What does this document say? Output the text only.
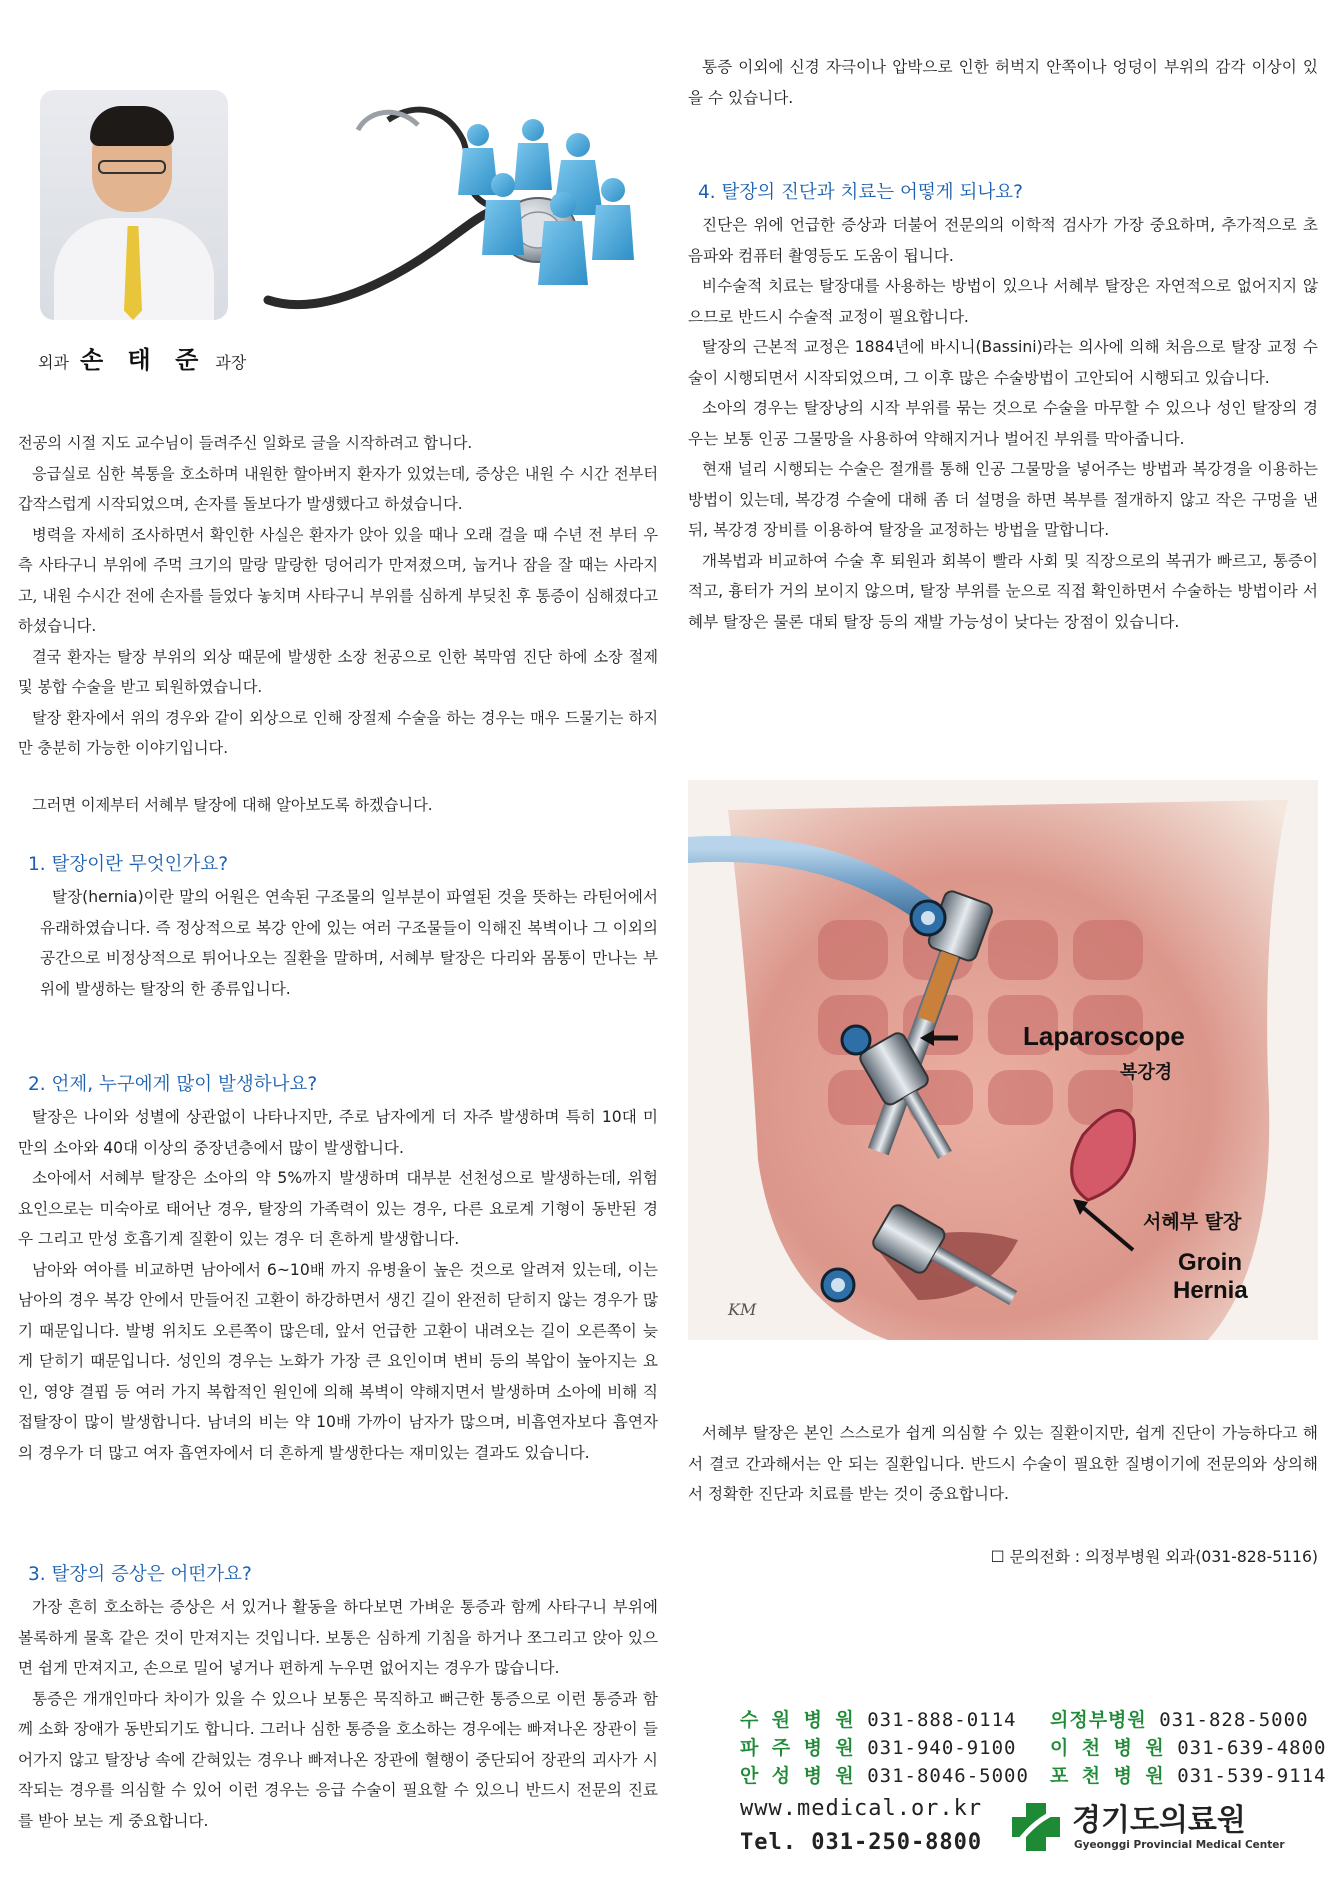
외과 손 태 준 과장

전공의 시절 지도 교수님이 들려주신 일화로 글을 시작하려고 합니다.

응급실로 심한 복통을 호소하며 내원한 할아버지 환자가 있었는데, 증상은 내원 수 시간 전부터 갑작스럽게 시작되었으며, 손자를 돌보다가 발생했다고 하셨습니다.

병력을 자세히 조사하면서 확인한 사실은 환자가 앉아 있을 때나 오래 걸을 때 수년 전 부터 우측 사타구니 부위에 주먹 크기의 말랑 말랑한 덩어리가 만져졌으며, 눕거나 잠을 잘 때는 사라지고, 내원 수시간 전에 손자를 들었다 놓치며 사타구니 부위를 심하게 부딪친 후 통증이 심해졌다고 하셨습니다.

결국 환자는 탈장 부위의 외상 때문에 발생한 소장 천공으로 인한 복막염 진단 하에 소장 절제 및 봉합 수술을 받고 퇴원하였습니다.

탈장 환자에서 위의 경우와 같이 외상으로 인해 장절제 수술을 하는 경우는 매우 드물기는 하지만 충분히 가능한 이야기입니다.

그러면 이제부터 서혜부 탈장에 대해 알아보도록 하겠습니다.

1. 탈장이란 무엇인가요?

탈장(hernia)이란 말의 어원은 연속된 구조물의 일부분이 파열된 것을 뜻하는 라틴어에서 유래하였습니다. 즉 정상적으로 복강 안에 있는 여러 구조물들이 익해진 복벽이나 그 이외의 공간으로 비정상적으로 튀어나오는 질환을 말하며, 서혜부 탈장은 다리와 몸통이 만나는 부위에 발생하는 탈장의 한 종류입니다.

2. 언제, 누구에게 많이 발생하나요?

탈장은 나이와 성별에 상관없이 나타나지만, 주로 남자에게 더 자주 발생하며 특히 10대 미만의 소아와 40대 이상의 중장년층에서 많이 발생합니다.

소아에서 서혜부 탈장은 소아의 약 5%까지 발생하며 대부분 선천성으로 발생하는데, 위험 요인으로는 미숙아로 태어난 경우, 탈장의 가족력이 있는 경우, 다른 요로계 기형이 동반된 경우 그리고 만성 호흡기계 질환이 있는 경우 더 흔하게 발생합니다.

남아와 여아를 비교하면 남아에서 6~10배 까지 유병율이 높은 것으로 알려져 있는데, 이는 남아의 경우 복강 안에서 만들어진 고환이 하강하면서 생긴 길이 완전히 닫히지 않는 경우가 많기 때문입니다. 발병 위치도 오른쪽이 많은데, 앞서 언급한 고환이 내려오는 길이 오른쪽이 늦게 닫히기 때문입니다. 성인의 경우는 노화가 가장 큰 요인이며 변비 등의 복압이 높아지는 요인, 영양 결핍 등 여러 가지 복합적인 원인에 의해 복벽이 약해지면서 발생하며 소아에 비해 직접탈장이 많이 발생합니다. 남녀의 비는 약 10배 가까이 남자가 많으며, 비흡연자보다 흡연자의 경우가 더 많고 여자 흡연자에서 더 흔하게 발생한다는 재미있는 결과도 있습니다.

3. 탈장의 증상은 어떤가요?

가장 흔히 호소하는 증상은 서 있거나 활동을 하다보면 가벼운 통증과 함께 사타구니 부위에 볼록하게 물혹 같은 것이 만져지는 것입니다. 보통은 심하게 기침을 하거나 쪼그리고 앉아 있으면 쉽게 만져지고, 손으로 밀어 넣거나 편하게 누우면 없어지는 경우가 많습니다.

통증은 개개인마다 차이가 있을 수 있으나 보통은 묵직하고 뻐근한 통증으로 이런 통증과 함께 소화 장애가 동반되기도 합니다. 그러나 심한 통증을 호소하는 경우에는 빠져나온 장관이 들어가지 않고 탈장낭 속에 갇혀있는 경우나 빠져나온 장관에 혈행이 중단되어 장관의 괴사가 시작되는 경우를 의심할 수 있어 이런 경우는 응급 수술이 필요할 수 있으니 반드시 전문의 진료를 받아 보는 게 중요합니다.

통증 이외에 신경 자극이나 압박으로 인한 허벅지 안쪽이나 엉덩이 부위의 감각 이상이 있을 수 있습니다.

4. 탈장의 진단과 치료는 어떻게 되나요?

진단은 위에 언급한 증상과 더불어 전문의의 이학적 검사가 가장 중요하며, 추가적으로 초음파와 컴퓨터 촬영등도 도움이 됩니다.

비수술적 치료는 탈장대를 사용하는 방법이 있으나 서혜부 탈장은 자연적으로 없어지지 않으므로 반드시 수술적 교정이 필요합니다.

탈장의 근본적 교정은 1884년에 바시니(Bassini)라는 의사에 의해 처음으로 탈장 교정 수술이 시행되면서 시작되었으며, 그 이후 많은 수술방법이 고안되어 시행되고 있습니다.

소아의 경우는 탈장낭의 시작 부위를 묶는 것으로 수술을 마무할 수 있으나 성인 탈장의 경우는 보통 인공 그물망을 사용하여 약해지거나 벌어진 부위를 막아줍니다.

현재 널리 시행되는 수술은 절개를 통해 인공 그물망을 넣어주는 방법과 복강경을 이용하는 방법이 있는데, 복강경 수술에 대해 좀 더 설명을 하면 복부를 절개하지 않고 작은 구멍을 낸 뒤, 복강경 장비를 이용하여 탈장을 교정하는 방법을 말합니다.

개복법과 비교하여 수술 후 퇴원과 회복이 빨라 사회 및 직장으로의 복귀가 빠르고, 통증이 적고, 흉터가 거의 보이지 않으며, 탈장 부위를 눈으로 직접 확인하면서 수술하는 방법이라 서혜부 탈장은 물론 대퇴 탈장 등의 재발 가능성이 낮다는 장점이 있습니다.

Laparoscope
복강경
서혜부 탈장
Groin
Hernia
KM

서혜부 탈장은 본인 스스로가 쉽게 의심할 수 있는 질환이지만, 쉽게 진단이 가능하다고 해서 결코 간과해서는 안 되는 질환입니다. 반드시 수술이 필요한 질병이기에 전문의와 상의해서 정확한 진단과 치료를 받는 것이 중요합니다.

☐ 문의전화 : 의정부병원 외과(031-828-5116)
수 원 병 원 031-888-0114 의정부병원 031-828-5000
파 주 병 원 031-940-9100 이 천 병 원 031-639-4800
안 성 병 원 031-8046-5000 포 천 병 원 031-539-9114
www.medical.or.kr
Tel. 031-250-8800
경기도의료원
Gyeonggi Provincial Medical Center
